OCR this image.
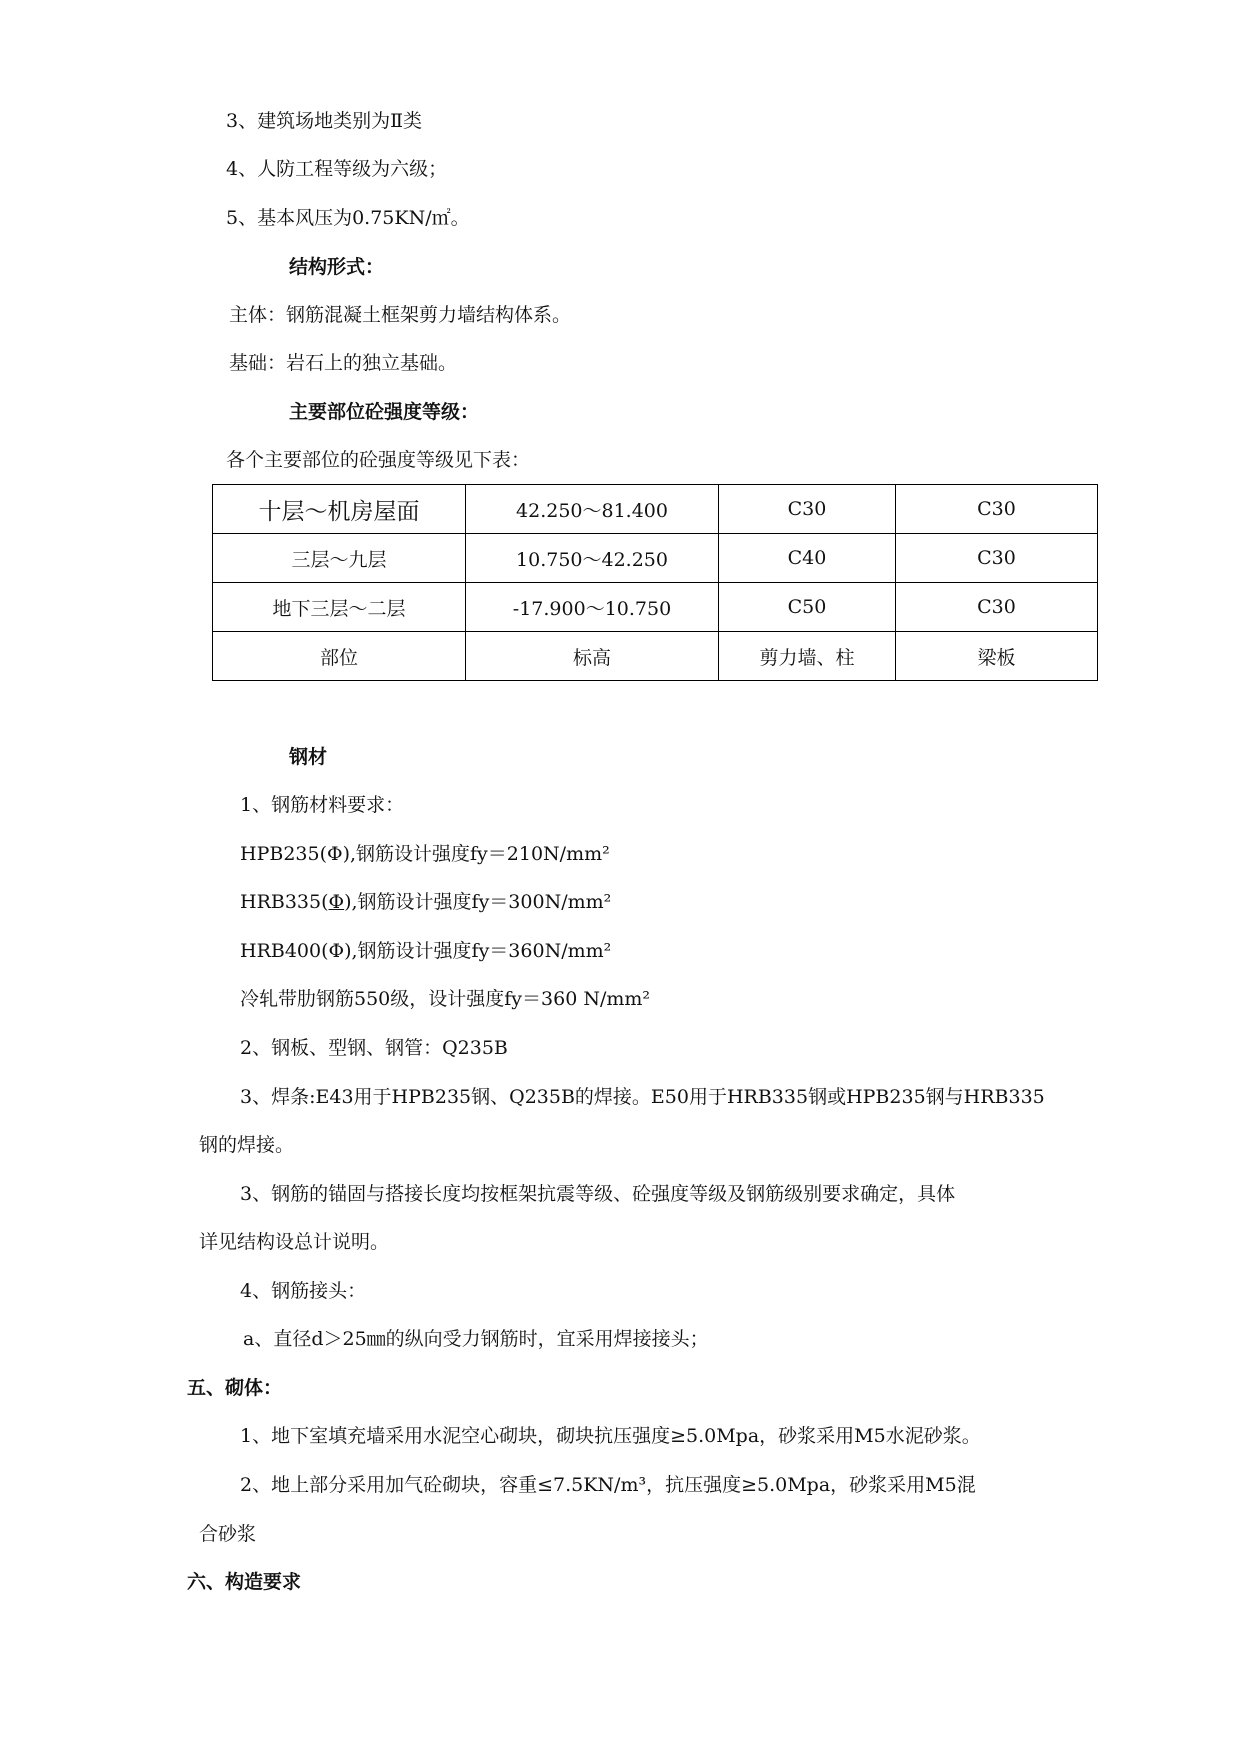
3、建筑场地类别为Ⅱ类
4、人防工程等级为六级；
5、基本风压为0.75KN/㎡。
结构形式：
主体：钢筋混凝土框架剪力墙结构体系。
基础：岩石上的独立基础。
主要部位砼强度等级：
各个主要部位的砼强度等级见下表：
十层～机房屋面	42.250～81.400	C30	C30
三层～九层	10.750～42.250	C40	C30
地下三层～二层	-17.900～10.750	C50	C30
部位	标高	剪力墙、柱	梁板
钢材
1、钢筋材料要求：
HPB235(Φ),钢筋设计强度fy＝210N/mm²
HRB335(Φ),钢筋设计强度fy＝300N/mm²
HRB400(Φ),钢筋设计强度fy＝360N/mm²
冷轧带肋钢筋550级，设计强度fy＝360 N/mm²
2、钢板、型钢、钢管：Q235B
3、焊条:E43用于HPB235钢、Q235B的焊接。E50用于HRB335钢或HPB235钢与HRB335
钢的焊接。
3、钢筋的锚固与搭接长度均按框架抗震等级、砼强度等级及钢筋级别要求确定，具体
详见结构设总计说明。
4、钢筋接头：
a、直径d＞25㎜的纵向受力钢筋时，宜采用焊接接头；
五、砌体：
1、地下室填充墙采用水泥空心砌块，砌块抗压强度≥5.0Mpa，砂浆采用M5水泥砂浆。
2、地上部分采用加气砼砌块，容重≤7.5KN/m³，抗压强度≥5.0Mpa，砂浆采用M5混
合砂浆
六、构造要求
